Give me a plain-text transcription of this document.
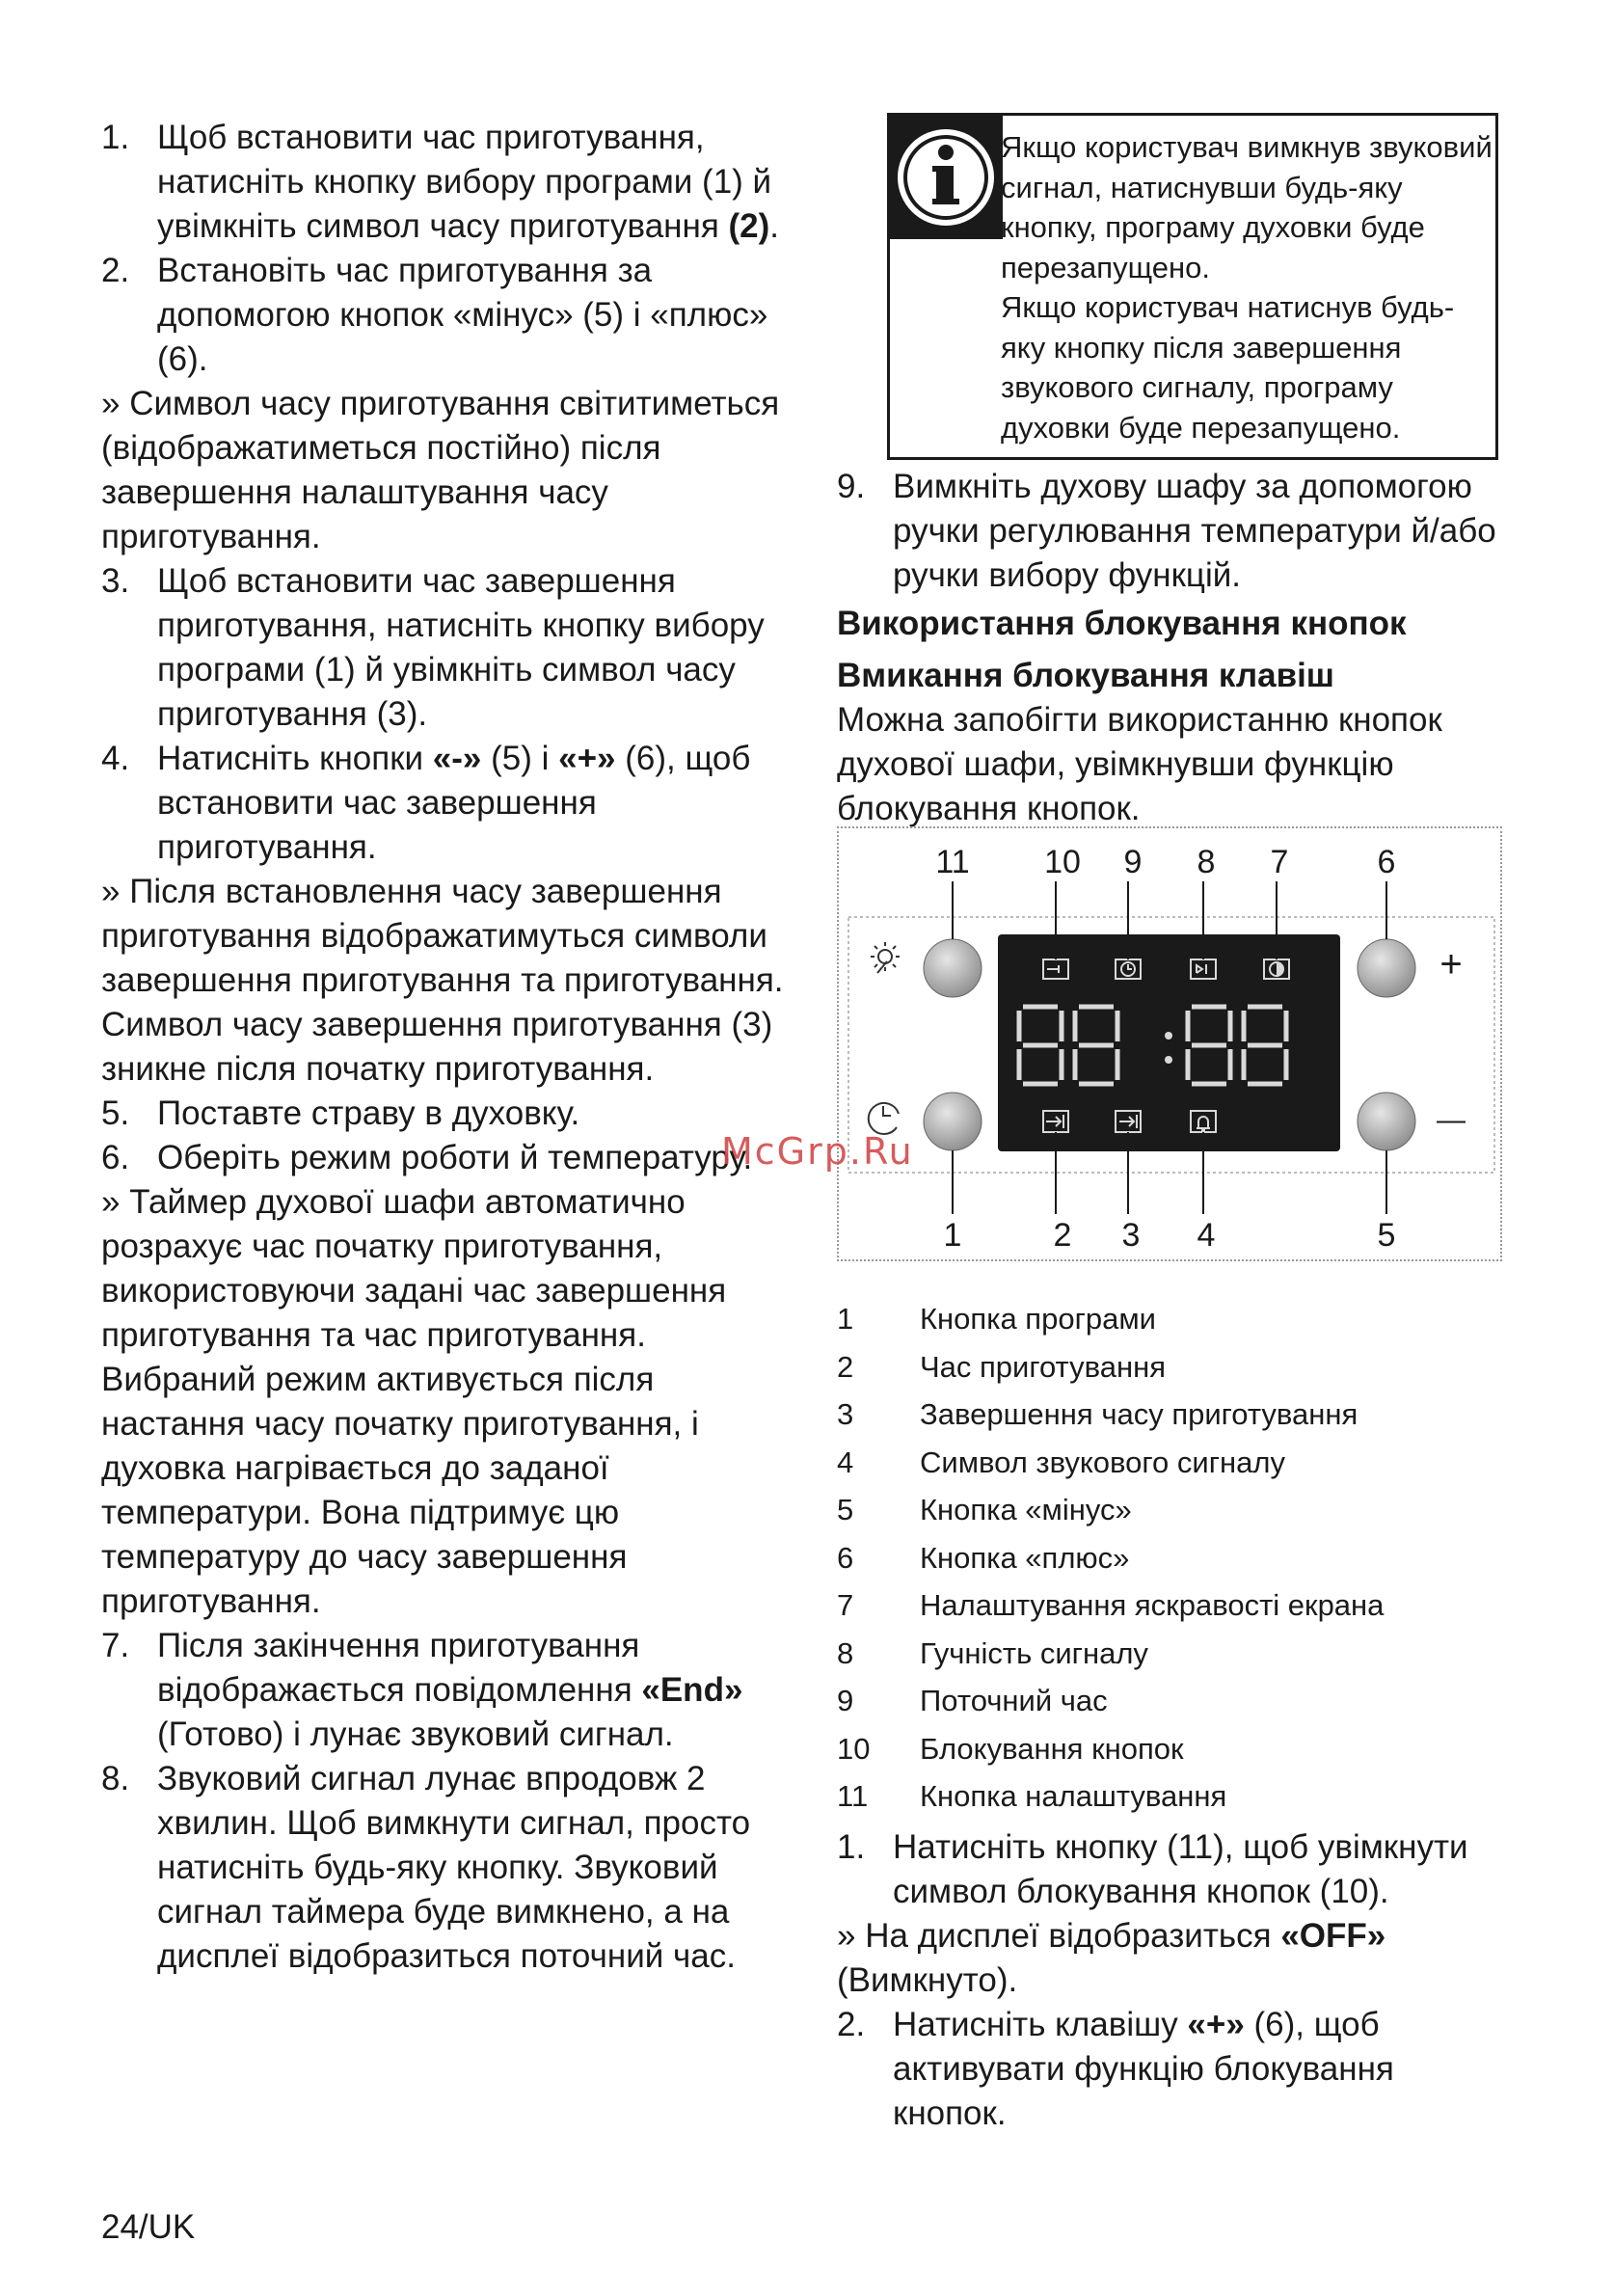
1. Щоб встановити час приготування, натисніть кнопку вибору програми (1) й увімкніть символ часу приготування (2).
2. Встановіть час приготування за допомогою кнопок «мінус» (5) і «плюс» (6).
» Символ часу приготування світитиметься (відображатиметься постійно) після завершення налаштування часу приготування.
3. Щоб встановити час завершення приготування, натисніть кнопку вибору програми (1) й увімкніть символ часу приготування (3).
4. Натисніть кнопки «-» (5) і «+» (6), щоб встановити час завершення приготування.
» Після встановлення часу завершення приготування відображатимуться символи завершення приготування та приготування. Символ часу завершення приготування (3) зникне після початку приготування.
5. Поставте страву в духовку.
6. Оберіть режим роботи й температуру.
» Таймер духової шафи автоматично розрахує час початку приготування, використовуючи задані час завершення приготування та час приготування. Вибраний режим активується після настання часу початку приготування, і духовка нагрівається до заданої температури. Вона підтримує цю температуру до часу завершення приготування.
7. Після закінчення приготування відображається повідомлення «End» (Готово) і лунає звуковий сигнал.
8. Звуковий сигнал лунає впродовж 2 хвилин. Щоб вимкнути сигнал, просто натисніть будь-яку кнопку. Звуковий сигнал таймера буде вимкнено, а на дисплеї відобразиться поточний час.
Якщо користувач вимкнув звуковий сигнал, натиснувши будь-яку кнопку, програму духовки буде перезапущено.
Якщо користувач натиснув будь-яку кнопку після завершення звукового сигналу, програму духовки буде перезапущено.
9. Вимкніть духову шафу за допомогою ручки регулювання температури й/або ручки вибору функцій.
Використання блокування кнопок
Вмикання блокування клавіш
Можна запобігти використанню кнопок духової шафи, увімкнувши функцію блокування кнопок.
11 10 9 8 7	6
1	2 3 4	5
+
—
1 Кнопка програми
2 Час приготування
3 Завершення часу приготування
4 Символ звукового сигналу
5 Кнопка «мінус»
6 Кнопка «плюс»
7 Налаштування яскравості екрана
8 Гучність сигналу
9 Поточний час
10 Блокування кнопок
11 Кнопка налаштування
1. Натисніть кнопку (11), щоб увімкнути символ блокування кнопок (10).
» На дисплеї відобразиться «OFF» (Вимкнуто).
2. Натисніть клавішу «+» (6), щоб активувати функцію блокування кнопок.
McGrp.Ru
24/UK
